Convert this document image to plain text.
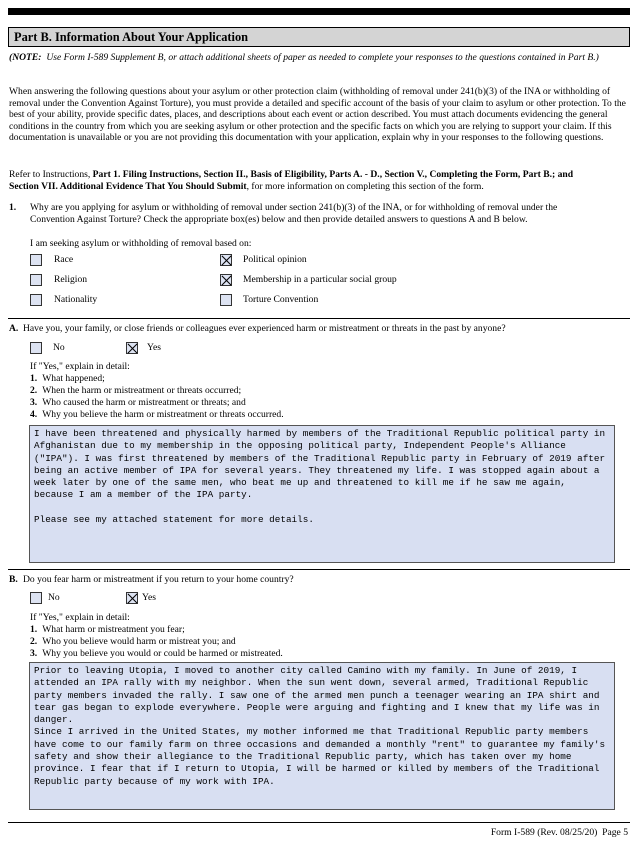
Part B. Information About Your Application
(NOTE: Use Form I-589 Supplement B, or attach additional sheets of paper as needed to complete your responses to the questions contained in Part B.)
When answering the following questions about your asylum or other protection claim (withholding of removal under 241(b)(3) of the INA or withholding of removal under the Convention Against Torture), you must provide a detailed and specific account of the basis of your claim to asylum or other protection. To the best of your ability, provide specific dates, places, and descriptions about each event or action described. You must attach documents evidencing the general conditions in the country from which you are seeking asylum or other protection and the specific facts on which you are relying to support your claim. If this documentation is unavailable or you are not providing this documentation with your application, explain why in your responses to the following questions.
Refer to Instructions, Part 1. Filing Instructions, Section II., Basis of Eligibility, Parts A. - D., Section V., Completing the Form, Part B.; and
Section VII. Additional Evidence That You Should Submit, for more information on completing this section of the form.
1. Why are you applying for asylum or withholding of removal under section 241(b)(3) of the INA, or for withholding of removal under the
Convention Against Torture? Check the appropriate box(es) below and then provide detailed answers to questions A and B below.
I am seeking asylum or withholding of removal based on:
Race
Religion
Nationality
Political opinion
Membership in a particular social group
Torture Convention
A. Have you, your family, or close friends or colleagues ever experienced harm or mistreatment or threats in the past by anyone?
No	Yes
If "Yes," explain in detail:
1. What happened;
2. When the harm or mistreatment or threats occurred;
3. Who caused the harm or mistreatment or threats; and
4. Why you believe the harm or mistreatment or threats occurred.
I have been threatened and physically harmed by members of the Traditional Republic political party in Afghanistan due to my membership in the opposing political party, Independent People's Alliance ("IPA"). I was first threatened by members of the Traditional Republic party in February of 2019 after being an active member of IPA for several years. They threatened my life. I was stopped again about a week later by one of the same men, who beat me up and threatened to kill me if he saw me again, because I am a member of the IPA party.

Please see my attached statement for more details.
B. Do you fear harm or mistreatment if you return to your home country?
No	Yes
If "Yes," explain in detail:
1. What harm or mistreatment you fear;
2. Who you believe would harm or mistreat you; and
3. Why you believe you would or could be harmed or mistreated.
Prior to leaving Utopia, I moved to another city called Camino with my family. In June of 2019, I attended an IPA rally with my neighbor. When the sun went down, several armed, Traditional Republic party members invaded the rally. I saw one of the armed men punch a teenager wearing an IPA shirt and tear gas began to explode everywhere. People were arguing and fighting and I knew that my life was in danger.
Since I arrived in the United States, my mother informed me that Traditional Republic party members have come to our family farm on three occasions and demanded a monthly "rent" to guarantee my family's safety and show their allegiance to the Traditional Republic party, which has taken over my home province. I fear that if I return to Utopia, I will be harmed or killed by members of the Traditional Republic party because of my work with IPA.
Form I-589 (Rev. 08/25/20) Page 5
